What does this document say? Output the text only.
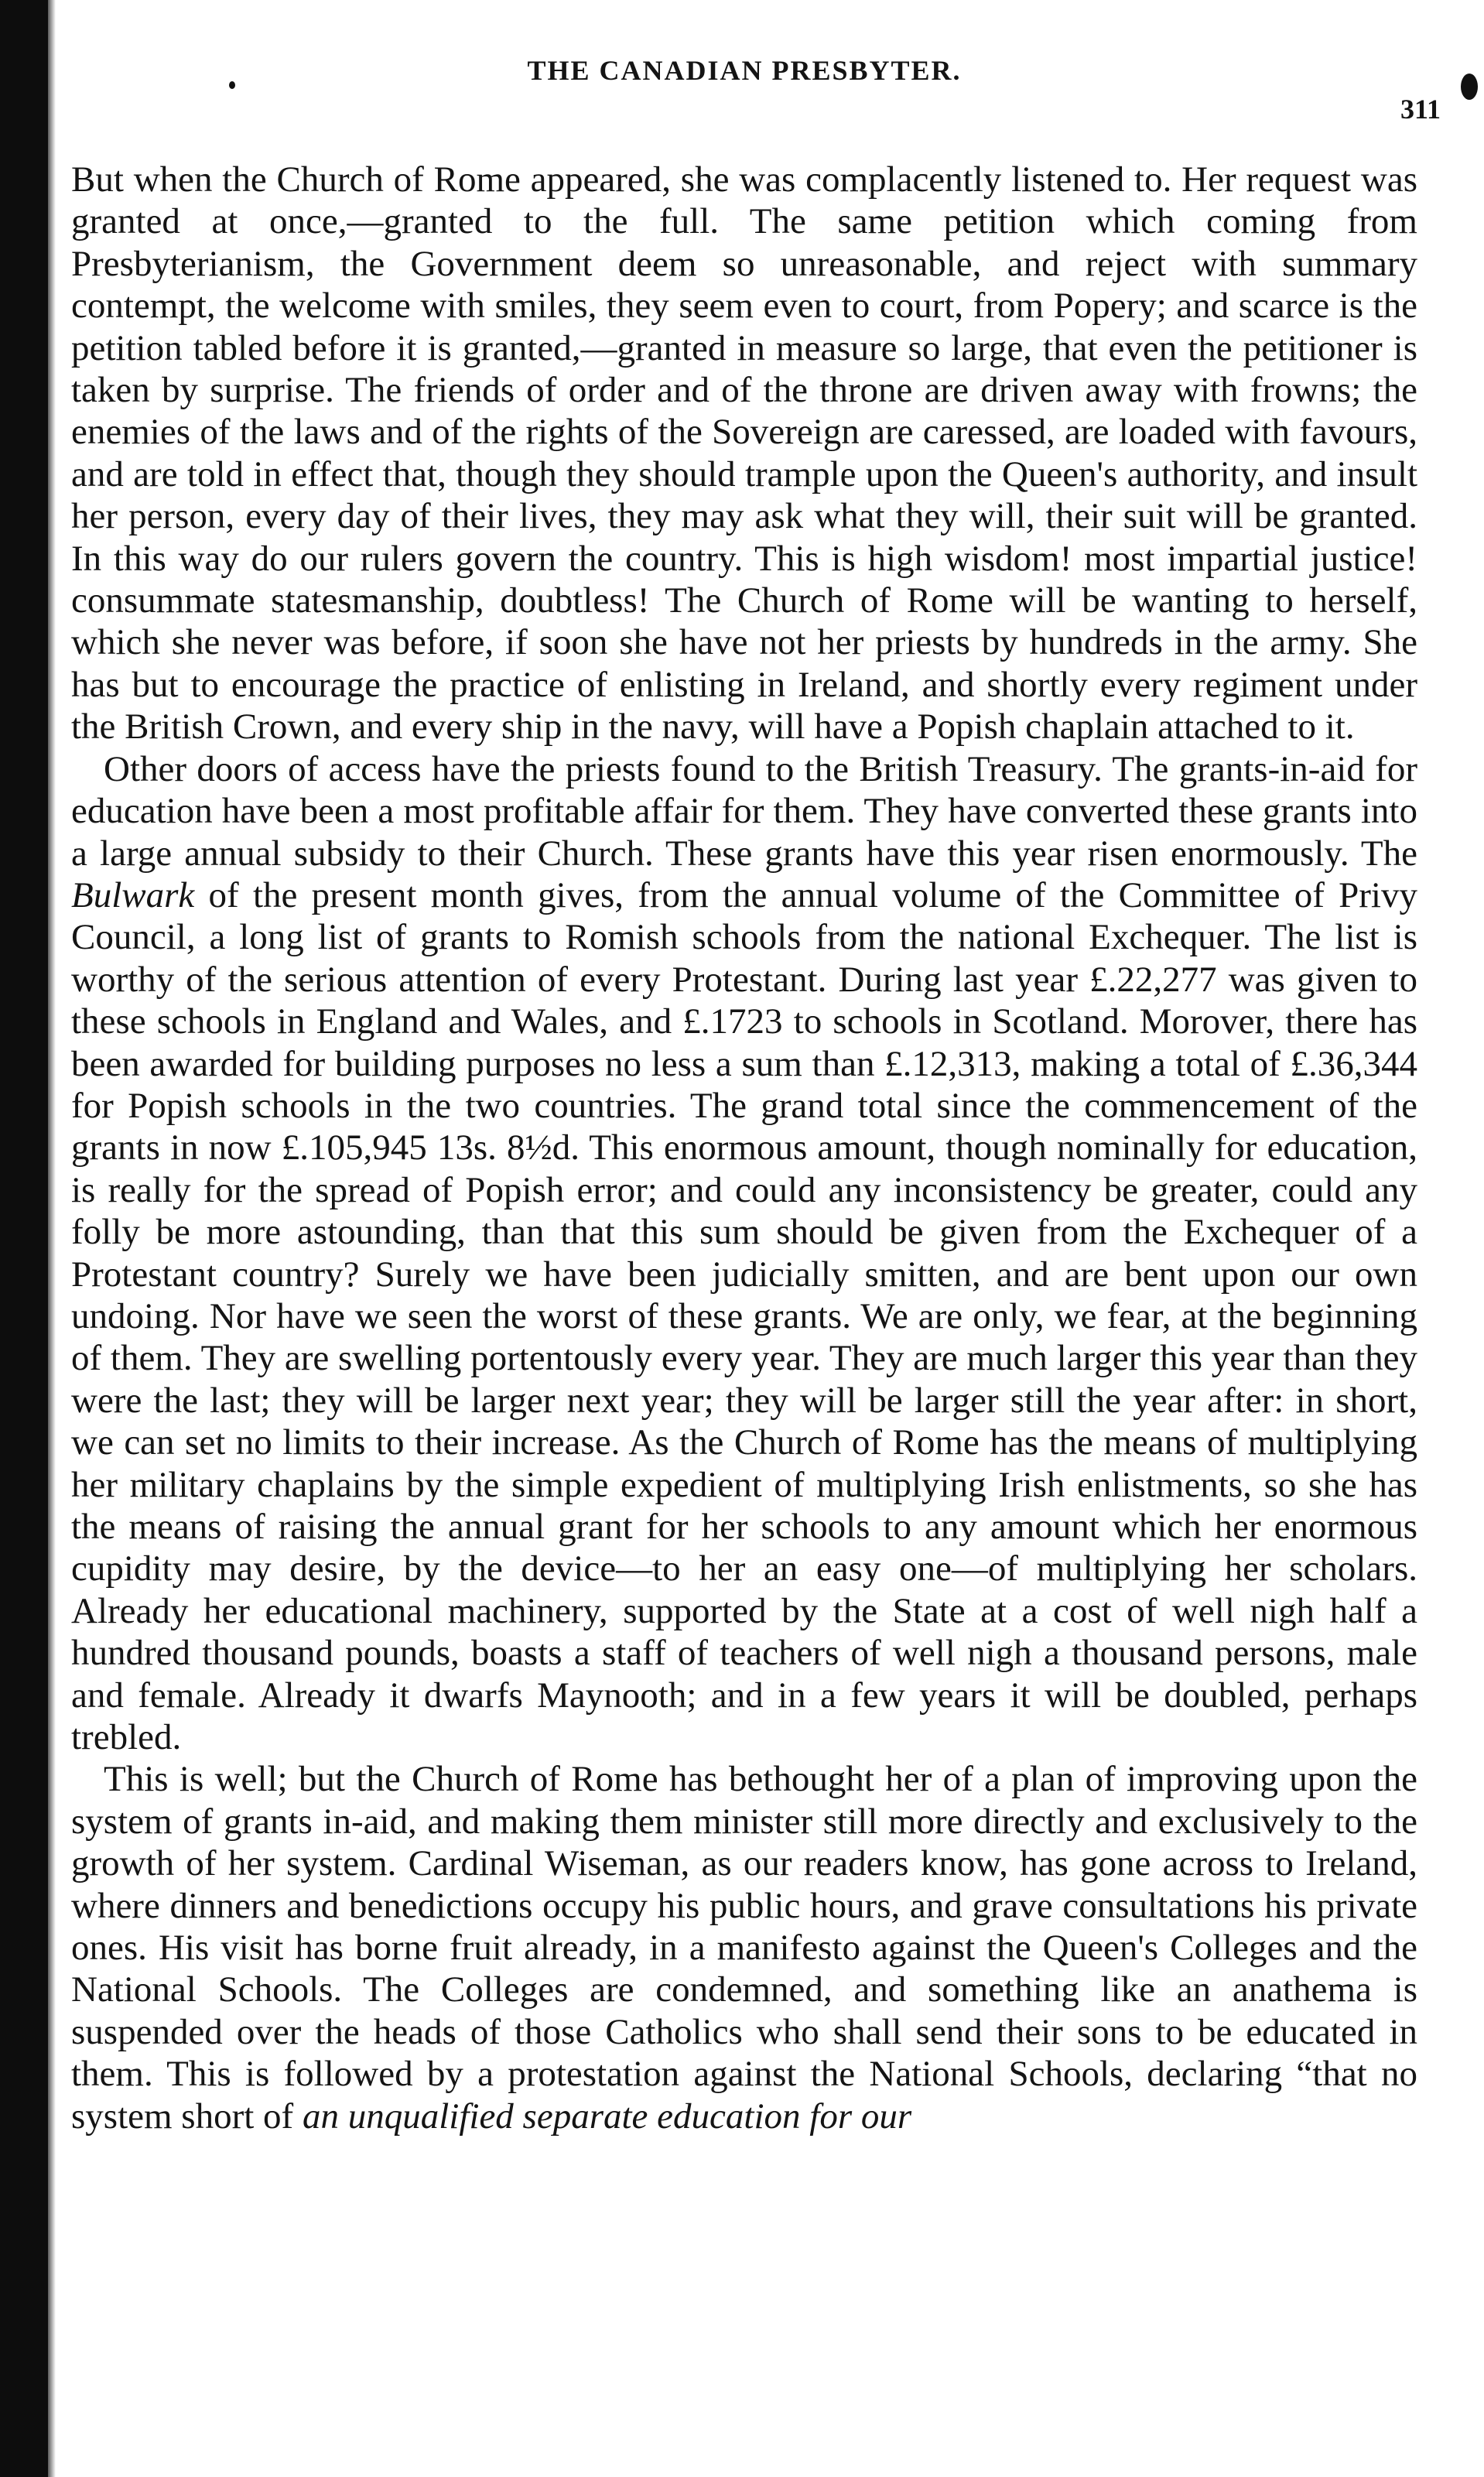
THE CANADIAN PRESBYTER.
311

But when the Church of Rome appeared, she was complacently listened to. Her request was granted at once,—granted to the full. The same petition which coming from Presbyterianism, the Government deem so unreasonable, and reject with summary contempt, the welcome with smiles, they seem even to court, from Popery; and scarce is the petition tabled before it is granted,—granted in measure so large, that even the petitioner is taken by surprise. The friends of order and of the throne are driven away with frowns; the enemies of the laws and of the rights of the Sovereign are caressed, are loaded with favours, and are told in effect that, though they should trample upon the Queen's authority, and insult her person, every day of their lives, they may ask what they will, their suit will be granted. In this way do our rulers govern the country. This is high wisdom! most impartial justice! consummate statesmanship, doubtless! The Church of Rome will be wanting to herself, which she never was before, if soon she have not her priests by hundreds in the army. She has but to encourage the practice of enlisting in Ireland, and shortly every regiment under the British Crown, and every ship in the navy, will have a Popish chaplain attached to it.

Other doors of access have the priests found to the British Treasury. The grants-in-aid for education have been a most profitable affair for them. They have converted these grants into a large annual subsidy to their Church. These grants have this year risen enormously. The Bulwark of the present month gives, from the annual volume of the Committee of Privy Council, a long list of grants to Romish schools from the national Exchequer. The list is worthy of the serious attention of every Protestant. During last year £.22,277 was given to these schools in England and Wales, and £.1723 to schools in Scotland. Morover, there has been awarded for building purposes no less a sum than £.12,313, making a total of £.36,344 for Popish schools in the two countries. The grand total since the commencement of the grants in now £.105,945 13s. 8½d. This enormous amount, though nominally for education, is really for the spread of Popish error; and could any inconsistency be greater, could any folly be more astounding, than that this sum should be given from the Exchequer of a Protestant country? Surely we have been judicially smitten, and are bent upon our own undoing. Nor have we seen the worst of these grants. We are only, we fear, at the beginning of them. They are swelling portentously every year. They are much larger this year than they were the last; they will be larger next year; they will be larger still the year after: in short, we can set no limits to their increase. As the Church of Rome has the means of multiplying her military chaplains by the simple expedient of multiplying Irish enlistments, so she has the means of raising the annual grant for her schools to any amount which her enormous cupidity may desire, by the device—to her an easy one—of multiplying her scholars. Already her educational machinery, supported by the State at a cost of well nigh half a hundred thousand pounds, boasts a staff of teachers of well nigh a thousand persons, male and female. Already it dwarfs Maynooth; and in a few years it will be doubled, perhaps trebled.

This is well; but the Church of Rome has bethought her of a plan of improving upon the system of grants in-aid, and making them minister still more directly and exclusively to the growth of her system. Cardinal Wiseman, as our readers know, has gone across to Ireland, where dinners and benedictions occupy his public hours, and grave consultations his private ones. His visit has borne fruit already, in a manifesto against the Queen's Colleges and the National Schools. The Colleges are condemned, and something like an anathema is suspended over the heads of those Catholics who shall send their sons to be educated in them. This is followed by a protestation against the National Schools, declaring “that no system short of an unqualified separate education for our
